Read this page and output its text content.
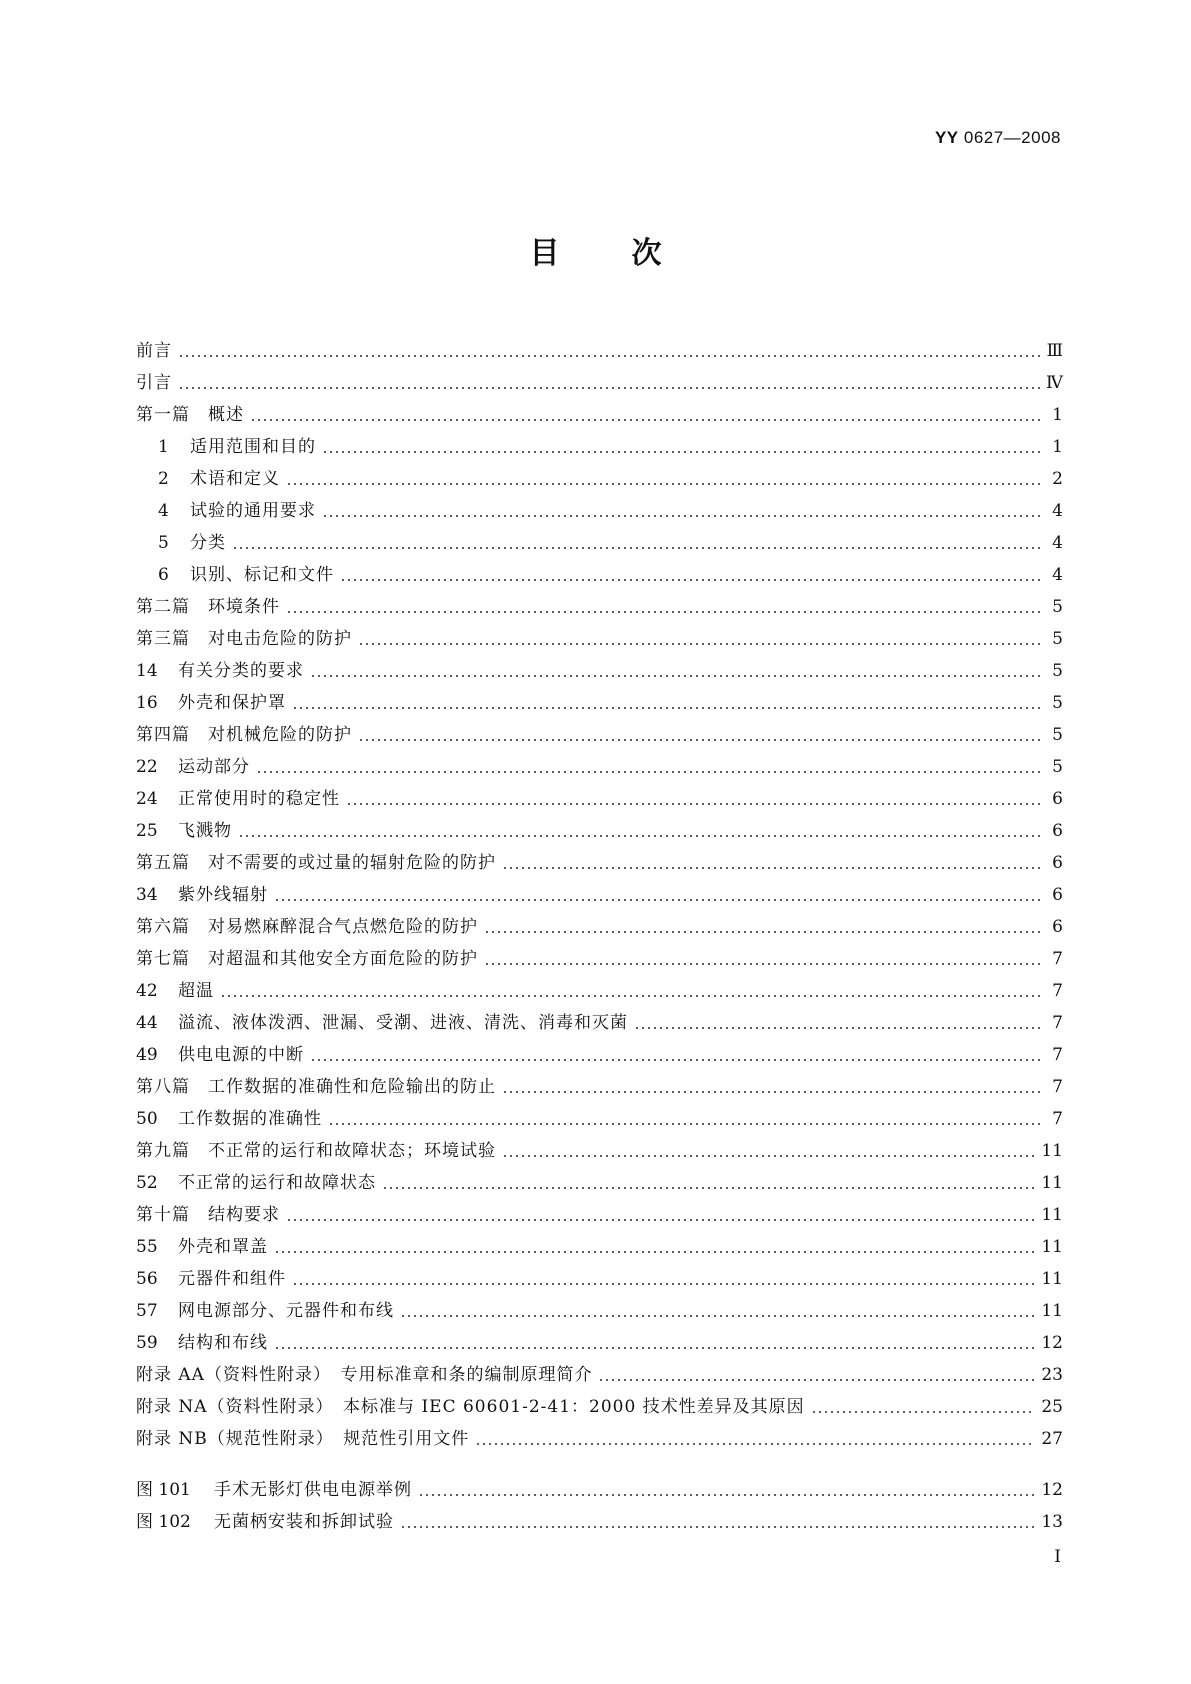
YY 0627—2008
目 次
前言	Ⅲ
引言	Ⅳ
第一篇　概述	1
1	适用范围和目的	1
2	术语和定义	2
4	试验的通用要求	4
5	分类	4
6	识别、标记和文件	4
第二篇　环境条件	5
第三篇　对电击危险的防护	5
14	有关分类的要求	5
16	外壳和保护罩	5
第四篇　对机械危险的防护	5
22	运动部分	5
24	正常使用时的稳定性	6
25	飞溅物	6
第五篇　对不需要的或过量的辐射危险的防护	6
34	紫外线辐射	6
第六篇　对易燃麻醉混合气点燃危险的防护	6
第七篇　对超温和其他安全方面危险的防护	7
42	超温	7
44	溢流、液体泼洒、泄漏、受潮、进液、清洗、消毒和灭菌	7
49	供电电源的中断	7
第八篇　工作数据的准确性和危险输出的防止	7
50	工作数据的准确性	7
第九篇　不正常的运行和故障状态；环境试验	11
52	不正常的运行和故障状态	11
第十篇　结构要求	11
55	外壳和罩盖	11
56	元器件和组件	11
57	网电源部分、元器件和布线	11
59	结构和布线	12
附录 AA（资料性附录）　专用标准章和条的编制原理简介	23
附录 NA（资料性附录）　本标准与 IEC 60601-2-41：2000 技术性差异及其原因	25
附录 NB（规范性附录）　规范性引用文件	27
图 101	手术无影灯供电电源举例	12
图 102	无菌柄安装和拆卸试验	13
I
